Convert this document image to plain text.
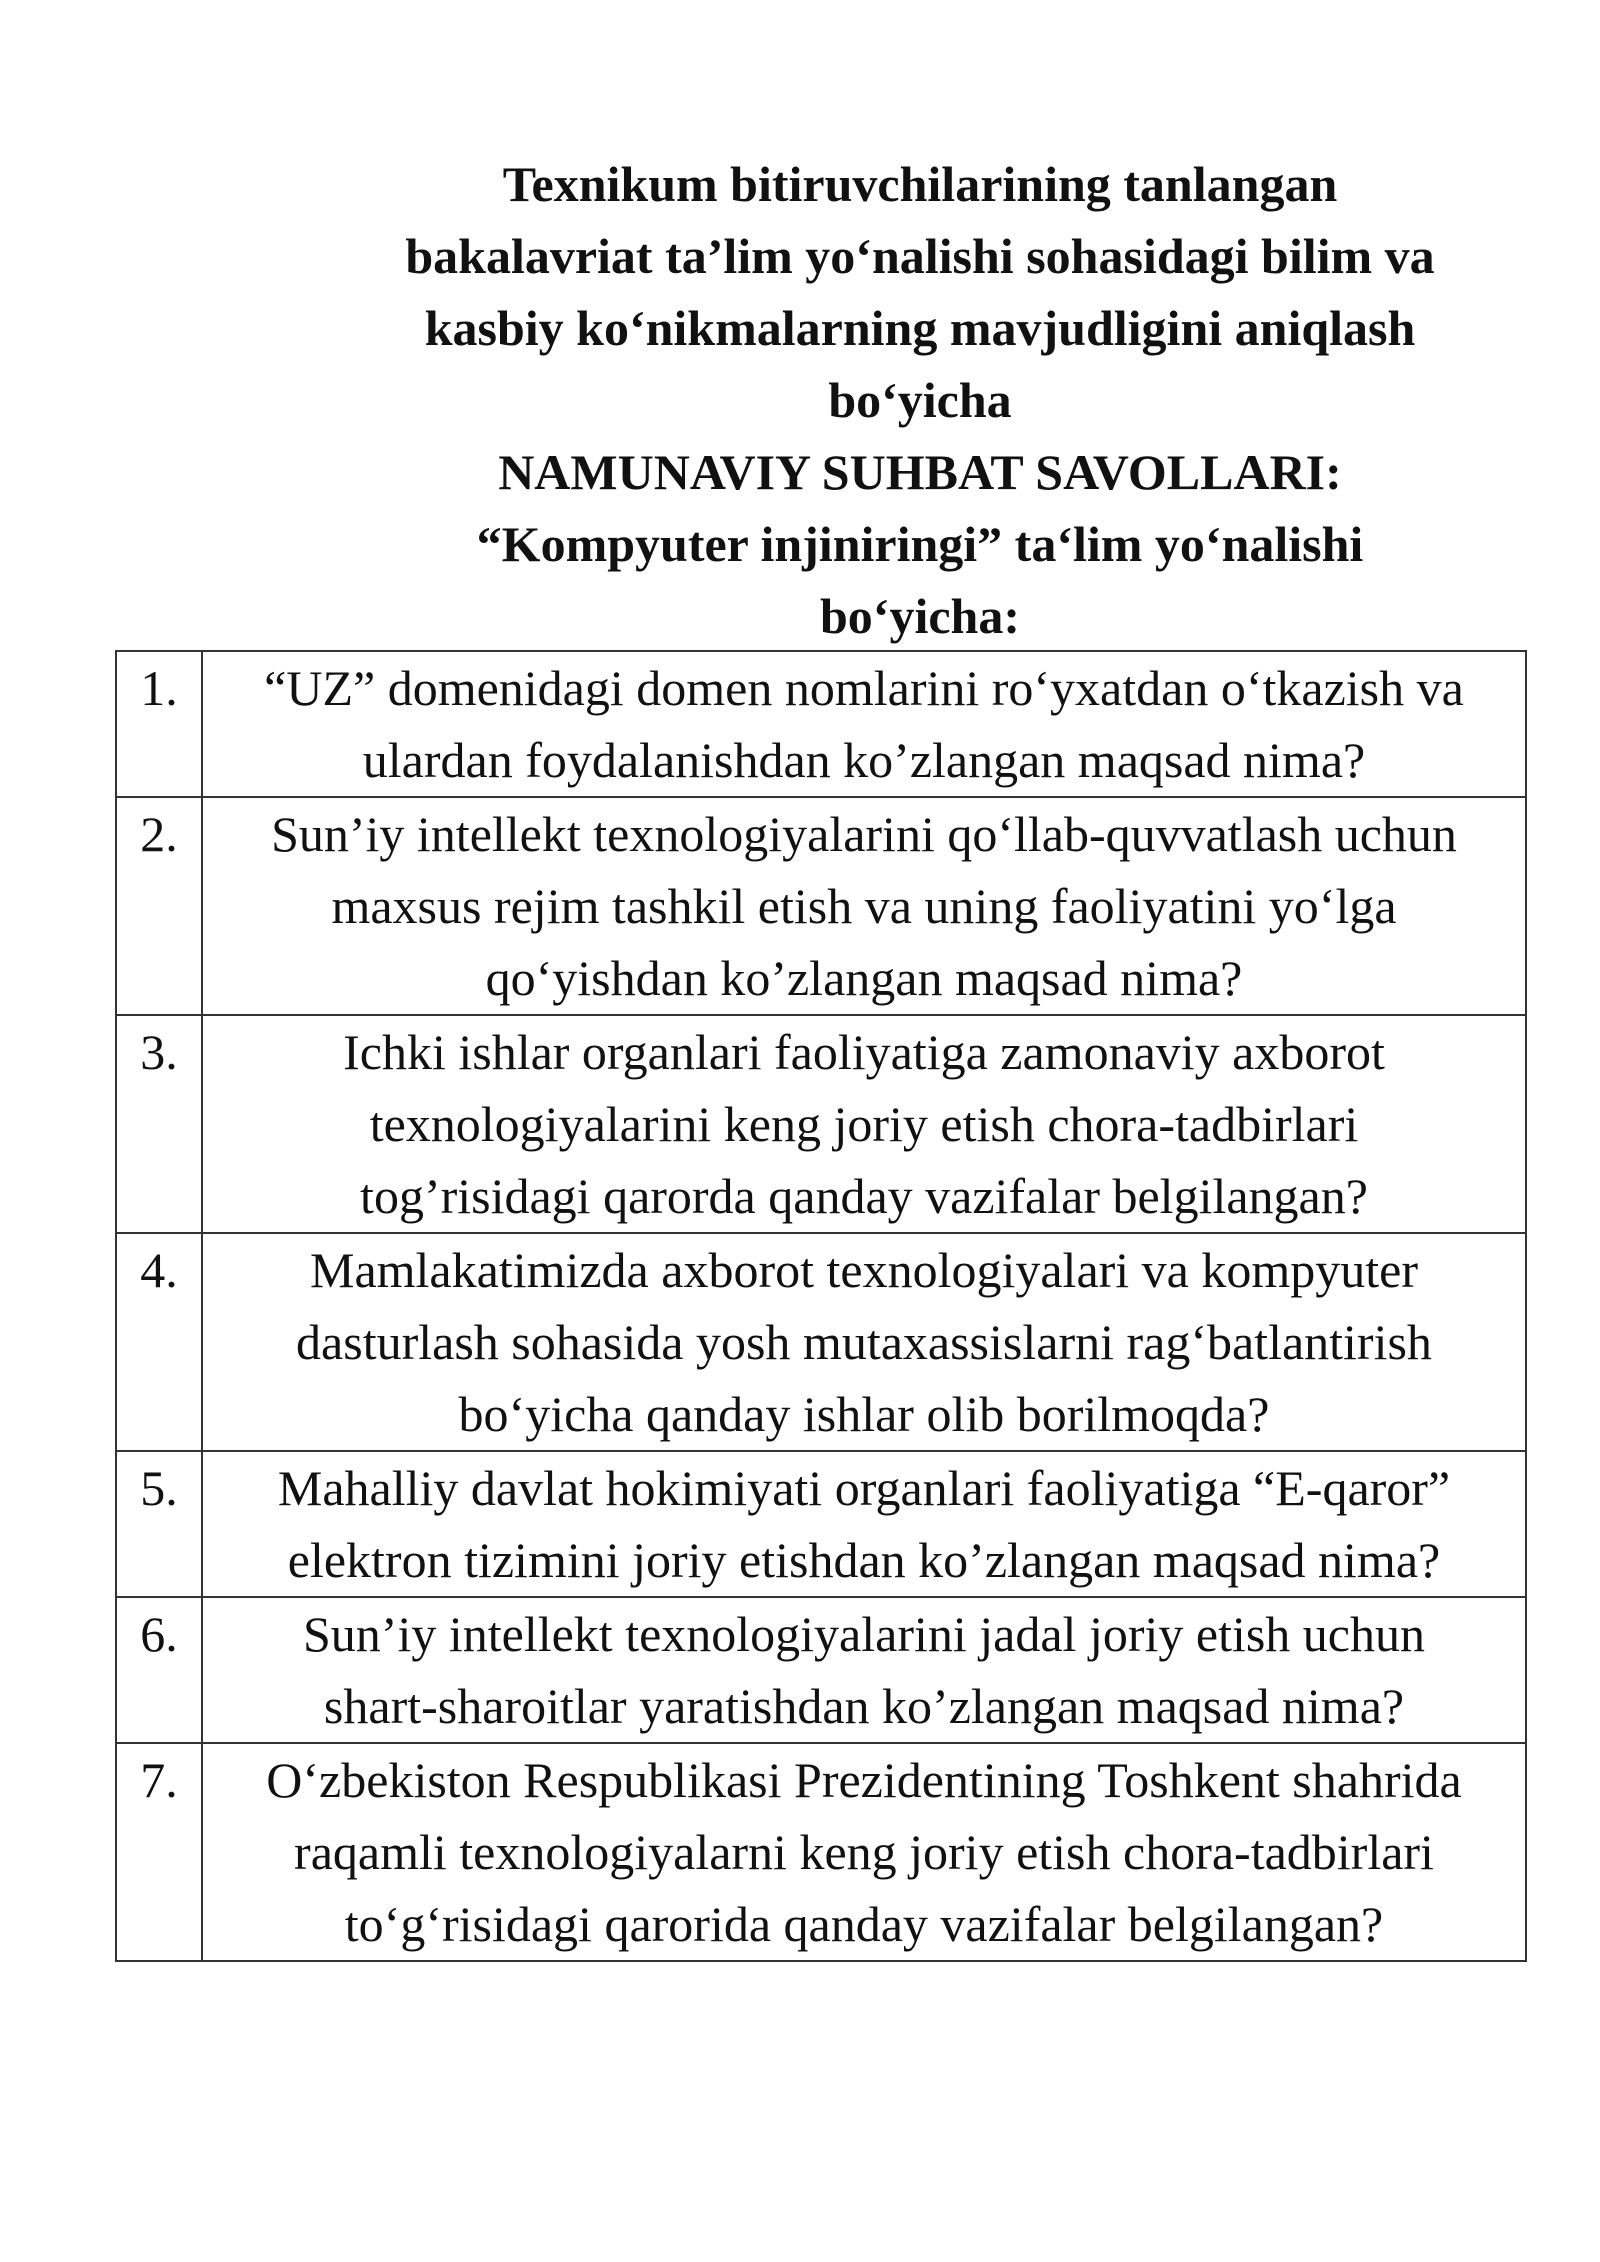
Texnikum bitiruvchilarining tanlangan
bakalavriat ta’lim yo‘nalishi sohasidagi bilim va
kasbiy ko‘nikmalarning mavjudligini aniqlash
bo‘yicha
NAMUNAVIY SUHBAT SAVOLLARI:
“Kompyuter injiniringi” ta‘lim yo‘nalishi
bo‘yicha:
1.	“UZ” domenidagi domen nomlarini ro‘yxatdan o‘tkazish va
ulardan foydalanishdan ko’zlangan maqsad nima?

2.	Sun’iy intellekt texnologiyalarini qo‘llab-quvvatlash uchun
maxsus rejim tashkil etish va uning faoliyatini yo‘lga
qo‘yishdan ko’zlangan maqsad nima?

3.	Ichki ishlar organlari faoliyatiga zamonaviy axborot
texnologiyalarini keng joriy etish chora-tadbirlari
tog’risidagi qarorda qanday vazifalar belgilangan?

4.	Mamlakatimizda axborot texnologiyalari va kompyuter
dasturlash sohasida yosh mutaxassislarni rag‘batlantirish
bo‘yicha qanday ishlar olib borilmoqda?

5.	Mahalliy davlat hokimiyati organlari faoliyatiga “E-qaror”
elektron tizimini joriy etishdan ko’zlangan maqsad nima?

6.	Sun’iy intellekt texnologiyalarini jadal joriy etish uchun
shart-sharoitlar yaratishdan ko’zlangan maqsad nima?

7.	O‘zbekiston Respublikasi Prezidentining Toshkent shahrida
raqamli texnologiyalarni keng joriy etish chora-tadbirlari
to‘g‘risidagi qarorida qanday vazifalar belgilangan?
